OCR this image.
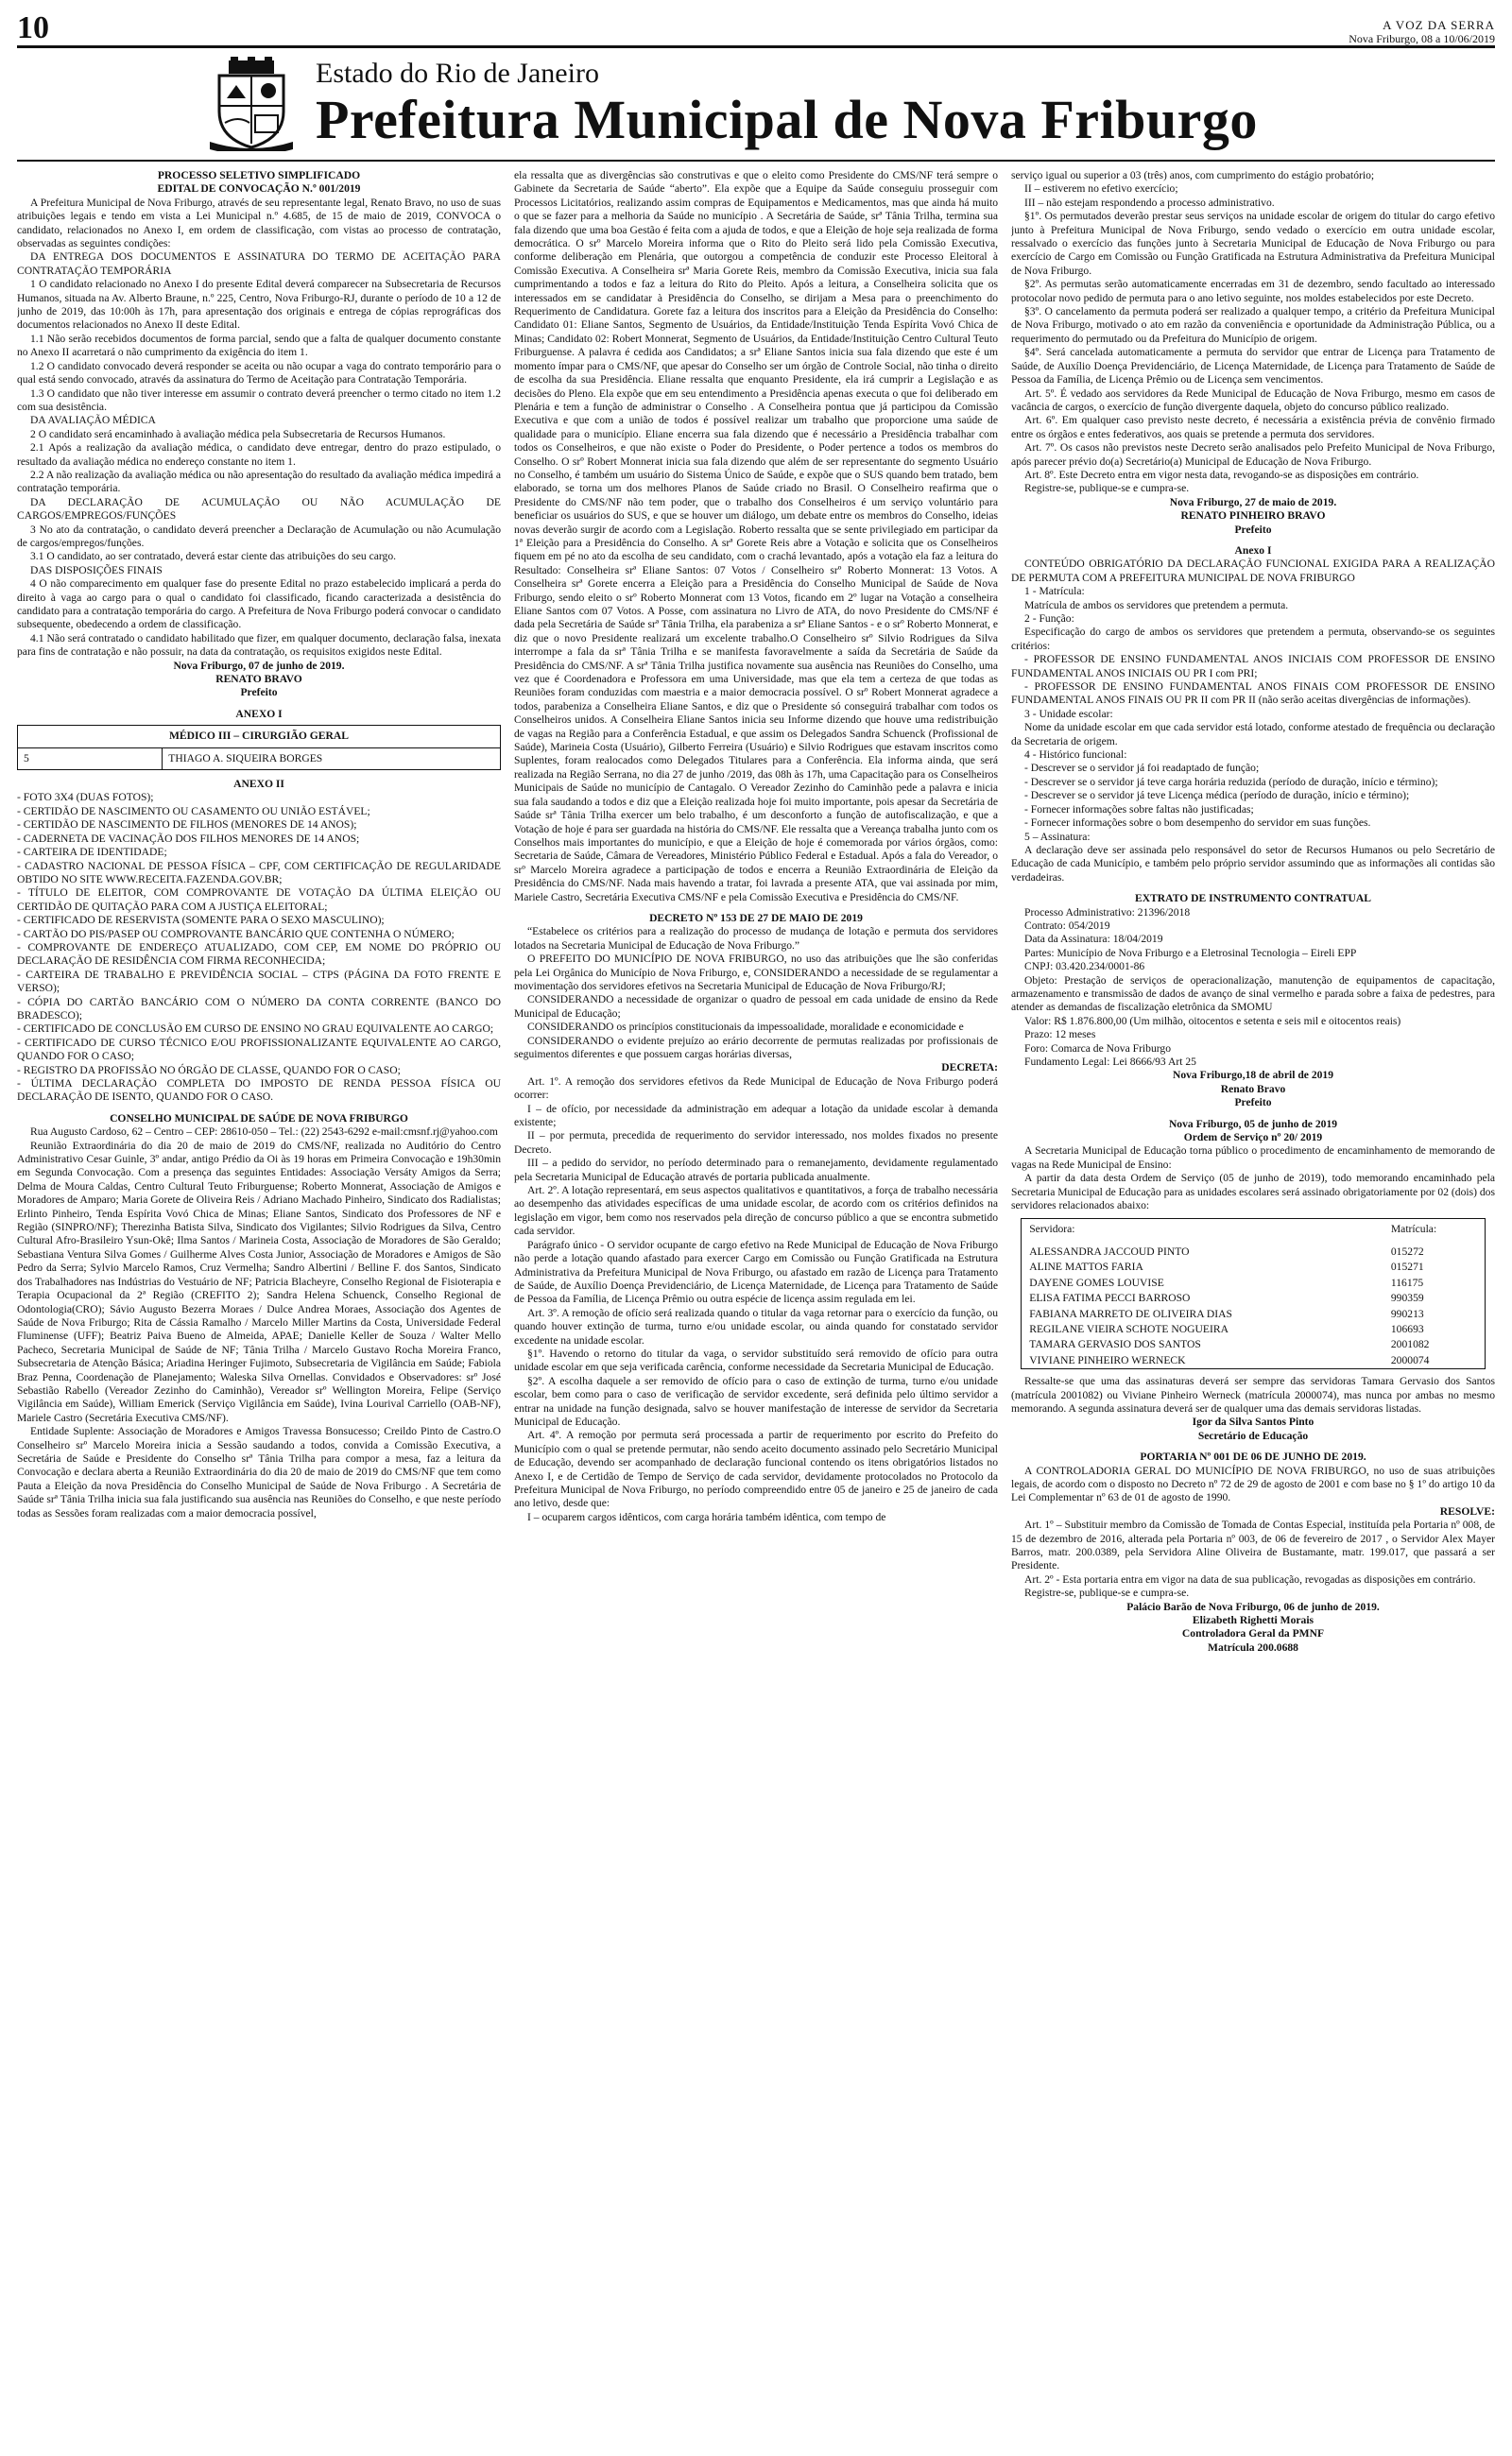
10	A VOZ DA SERRA
Nova Friburgo, 08 a 10/06/2019
Estado do Rio de Janeiro
Prefeitura Municipal de Nova Friburgo

PROCESSO SELETIVO SIMPLIFICADO

EDITAL DE CONVOCAÇÃO N.º 001/2019

A Prefeitura Municipal de Nova Friburgo, através de seu representante legal, Renato Bravo, no uso de suas atribuições legais e tendo em vista a Lei Municipal n.º 4.685, de 15 de maio de 2019, CONVOCA o candidato, relacionados no Anexo I, em ordem de classificação, com vistas ao processo de contratação, observadas as seguintes condições:

DA ENTREGA DOS DOCUMENTOS E ASSINATURA DO TERMO DE ACEITAÇÃO PARA CONTRATAÇÃO TEMPORÁRIA

1 O candidato relacionado no Anexo I do presente Edital deverá comparecer na Subsecretaria de Recursos Humanos, situada na Av. Alberto Braune, n.º 225, Centro, Nova Friburgo-RJ, durante o período de 10 a 12 de junho de 2019, das 10:00h às 17h, para apresentação dos originais e entrega de cópias reprográficas dos documentos relacionados no Anexo II deste Edital.

1.1 Não serão recebidos documentos de forma parcial, sendo que a falta de qualquer documento constante no Anexo II acarretará o não cumprimento da exigência do item 1.

1.2 O candidato convocado deverá responder se aceita ou não ocupar a vaga do contrato temporário para o qual está sendo convocado, através da assinatura do Termo de Aceitação para Contratação Temporária.

1.3 O candidato que não tiver interesse em assumir o contrato deverá preencher o termo citado no item 1.2 com sua desistência.

DA AVALIAÇÃO MÉDICA

2 O candidato será encaminhado à avaliação médica pela Subsecretaria de Recursos Humanos.

2.1 Após a realização da avaliação médica, o candidato deve entregar, dentro do prazo estipulado, o resultado da avaliação médica no endereço constante no item 1.

2.2 A não realização da avaliação médica ou não apresentação do resultado da avaliação médica impedirá a contratação temporária.

DA DECLARAÇÃO DE ACUMULAÇÃO OU NÃO ACUMULAÇÃO DE CARGOS/EMPREGOS/FUNÇÕES

3 No ato da contratação, o candidato deverá preencher a Declaração de Acumulação ou não Acumulação de cargos/empregos/funções.

3.1 O candidato, ao ser contratado, deverá estar ciente das atribuições do seu cargo.

DAS DISPOSIÇÕES FINAIS

4 O não comparecimento em qualquer fase do presente Edital no prazo estabelecido implicará a perda do direito à vaga ao cargo para o qual o candidato foi classificado, ficando caracterizada a desistência do candidato para a contratação temporária do cargo. A Prefeitura de Nova Friburgo poderá convocar o candidato subsequente, obedecendo a ordem de classificação.

4.1 Não será contratado o candidato habilitado que fizer, em qualquer documento, declaração falsa, inexata para fins de contratação e não possuir, na data da contratação, os requisitos exigidos neste Edital.

Nova Friburgo, 07 de junho de 2019.

RENATO BRAVO

Prefeito

ANEXO I

MÉDICO III – CIRURGIÃO GERAL
5	THIAGO A. SIQUEIRA BORGES

ANEXO II

- FOTO 3X4 (DUAS FOTOS);

- CERTIDÃO DE NASCIMENTO OU CASAMENTO OU UNIÃO ESTÁVEL;

- CERTIDÃO DE NASCIMENTO DE FILHOS (MENORES DE 14 ANOS);

- CADERNETA DE VACINAÇÃO DOS FILHOS MENORES DE 14 ANOS;

- CARTEIRA DE IDENTIDADE;

- CADASTRO NACIONAL DE PESSOA FÍSICA – CPF, COM CERTIFICAÇÃO DE REGULARIDADE OBTIDO NO SITE WWW.RECEITA.FAZENDA.GOV.BR;

- TÍTULO DE ELEITOR, COM COMPROVANTE DE VOTAÇÃO DA ÚLTIMA ELEIÇÃO OU CERTIDÃO DE QUITAÇÃO PARA COM A JUSTIÇA ELEITORAL;

- CERTIFICADO DE RESERVISTA (SOMENTE PARA O SEXO MASCULINO);

- CARTÃO DO PIS/PASEP OU COMPROVANTE BANCÁRIO QUE CONTENHA O NÚMERO;

- COMPROVANTE DE ENDEREÇO ATUALIZADO, COM CEP, EM NOME DO PRÓPRIO OU DECLARAÇÃO DE RESIDÊNCIA COM FIRMA RECONHECIDA;

- CARTEIRA DE TRABALHO E PREVIDÊNCIA SOCIAL – CTPS (PÁGINA DA FOTO FRENTE E VERSO);

- CÓPIA DO CARTÃO BANCÁRIO COM O NÚMERO DA CONTA CORRENTE (BANCO DO BRADESCO);

- CERTIFICADO DE CONCLUSÃO EM CURSO DE ENSINO NO GRAU EQUIVALENTE AO CARGO;

- CERTIFICADO DE CURSO TÉCNICO E/OU PROFISSIONALIZANTE EQUIVALENTE AO CARGO, QUANDO FOR O CASO;

- REGISTRO DA PROFISSÃO NO ÓRGÃO DE CLASSE, QUANDO FOR O CASO;

- ÚLTIMA DECLARAÇÃO COMPLETA DO IMPOSTO DE RENDA PESSOA FÍSICA OU DECLARAÇÃO DE ISENTO, QUANDO FOR O CASO.

CONSELHO MUNICIPAL DE SAÚDE DE NOVA FRIBURGO

Rua Augusto Cardoso, 62 – Centro – CEP: 28610-050 – Tel.: (22) 2543-6292 e-mail:cmsnf.rj@yahoo.com

Reunião Extraordinária do dia 20 de maio de 2019 do CMS/NF, realizada no Auditório do Centro Administrativo Cesar Guinle, 3º andar, antigo Prédio da Oi às 19 horas em Primeira Convocação e 19h30min em Segunda Convocação. Com a presença das seguintes Entidades: Associação Versáty Amigos da Serra; Delma de Moura Caldas, Centro Cultural Teuto Friburguense; Roberto Monnerat, Associação de Amigos e Moradores de Amparo; Maria Gorete de Oliveira Reis / Adriano Machado Pinheiro, Sindicato dos Radialistas; Erlinto Pinheiro, Tenda Espírita Vovó Chica de Minas; Eliane Santos, Sindicato dos Professores de NF e Região (SINPRO/NF); Therezinha Batista Silva, Sindicato dos Vigilantes; Silvio Rodrigues da Silva, Centro Cultural Afro-Brasileiro Ysun-Okê; Ilma Santos / Marineia Costa, Associação de Moradores de São Geraldo; Sebastiana Ventura Silva Gomes / Guilherme Alves Costa Junior, Associação de Moradores e Amigos de São Pedro da Serra; Sylvio Marcelo Ramos, Cruz Vermelha; Sandro Albertini / Belline F. dos Santos, Sindicato dos Trabalhadores nas Indústrias do Vestuário de NF; Patricia Blacheyre, Conselho Regional de Fisioterapia e Terapia Ocupacional da 2ª Região (CREFITO 2); Sandra Helena Schuenck, Conselho Regional de Odontologia(CRO); Sávio Augusto Bezerra Moraes / Dulce Andrea Moraes, Associação dos Agentes de Saúde de Nova Friburgo; Rita de Cássia Ramalho / Marcelo Miller Martins da Costa, Universidade Federal Fluminense (UFF); Beatriz Paiva Bueno de Almeida, APAE; Danielle Keller de Souza / Walter Mello Pacheco, Secretaria Municipal de Saúde de NF; Tânia Trilha / Marcelo Gustavo Rocha Moreira Franco, Subsecretaria de Atenção Básica; Ariadina Heringer Fujimoto, Subsecretaria de Vigilância em Saúde; Fabiola Braz Penna, Coordenação de Planejamento; Waleska Silva Ornellas. Convidados e Observadores: srº José Sebastião Rabello (Vereador Zezinho do Caminhão), Vereador srº Wellington Moreira, Felipe (Serviço Vigilância em Saúde), William Emerick (Serviço Vigilância em Saúde), Ivina Lourival Carriello (OAB-NF), Mariele Castro (Secretária Executiva CMS/NF).

Entidade Suplente: Associação de Moradores e Amigos Travessa Bonsucesso; Creildo Pinto de Castro.O Conselheiro srº Marcelo Moreira inicia a Sessão saudando a todos, convida a Comissão Executiva, a Secretária de Saúde e Presidente do Conselho srª Tânia Trilha para compor a mesa, faz a leitura da Convocação e declara aberta a Reunião Extraordinária do dia 20 de maio de 2019 do CMS/NF que tem como Pauta a Eleição da nova Presidência do Conselho Municipal de Saúde de Nova Friburgo . A Secretária de Saúde srª Tânia Trilha inicia sua fala justificando sua ausência nas Reuniões do Conselho, e que neste período todas as Sessões foram realizadas com a maior democracia possível,

ela ressalta que as divergências são construtivas e que o eleito como Presidente do CMS/NF terá sempre o Gabinete da Secretaria de Saúde “aberto”. Ela expõe que a Equipe da Saúde conseguiu prosseguir com Processos Licitatórios, realizando assim compras de Equipamentos e Medicamentos, mas que ainda há muito o que se fazer para a melhoria da Saúde no município . A Secretária de Saúde, srª Tânia Trilha, termina sua fala dizendo que uma boa Gestão é feita com a ajuda de todos, e que a Eleição de hoje seja realizada de forma democrática. O srº Marcelo Moreira informa que o Rito do Pleito será lido pela Comissão Executiva, conforme deliberação em Plenária, que outorgou a competência de conduzir este Processo Eleitoral à Comissão Executiva. A Conselheira srª Maria Gorete Reis, membro da Comissão Executiva, inicia sua fala cumprimentando a todos e faz a leitura do Rito do Pleito. Após a leitura, a Conselheira solicita que os interessados em se candidatar à Presidência do Conselho, se dirijam a Mesa para o preenchimento do Requerimento de Candidatura. Gorete faz a leitura dos inscritos para a Eleição da Presidência do Conselho: Candidato 01: Eliane Santos, Segmento de Usuários, da Entidade/Instituição Tenda Espírita Vovó Chica de Minas; Candidato 02: Robert Monnerat, Segmento de Usuários, da Entidade/Instituição Centro Cultural Teuto Friburguense. A palavra é cedida aos Candidatos; a srª Eliane Santos inicia sua fala dizendo que este é um momento ímpar para o CMS/NF, que apesar do Conselho ser um órgão de Controle Social, não tinha o direito de escolha da sua Presidência. Eliane ressalta que enquanto Presidente, ela irá cumprir a Legislação e as decisões do Pleno. Ela expõe que em seu entendimento a Presidência apenas executa o que foi deliberado em Plenária e tem a função de administrar o Conselho . A Conselheira pontua que já participou da Comissão Executiva e que com a união de todos é possível realizar um trabalho que proporcione uma saúde de qualidade para o município. Eliane encerra sua fala dizendo que é necessário a Presidência trabalhar com todos os Conselheiros, e que não existe o Poder do Presidente, o Poder pertence a todos os membros do Conselho. O srº Robert Monnerat inicia sua fala dizendo que além de ser representante do segmento Usuário no Conselho, é também um usuário do Sistema Único de Saúde, e expõe que o SUS quando bem tratado, bem elaborado, se torna um dos melhores Planos de Saúde criado no Brasil. O Conselheiro reafirma que o Presidente do CMS/NF não tem poder, que o trabalho dos Conselheiros é um serviço voluntário para beneficiar os usuários do SUS, e que se houver um diálogo, um debate entre os membros do Conselho, ideias novas deverão surgir de acordo com a Legislação. Roberto ressalta que se sente privilegiado em participar da 1ª Eleição para a Presidência do Conselho. A srª Gorete Reis abre a Votação e solicita que os Conselheiros fiquem em pé no ato da escolha de seu candidato, com o crachá levantado, após a votação ela faz a leitura do Resultado: Conselheira srª Eliane Santos: 07 Votos / Conselheiro srº Roberto Monnerat: 13 Votos. A Conselheira srª Gorete encerra a Eleição para a Presidência do Conselho Municipal de Saúde de Nova Friburgo, sendo eleito o srº Roberto Monnerat com 13 Votos, ficando em 2º lugar na Votação a conselheira Eliane Santos com 07 Votos. A Posse, com assinatura no Livro de ATA, do novo Presidente do CMS/NF é dada pela Secretária de Saúde srª Tânia Trilha, ela parabeniza a srª Eliane Santos - e o srº Roberto Monnerat, e diz que o novo Presidente realizará um excelente trabalho.O Conselheiro srº Silvio Rodrigues da Silva interrompe a fala da srª Tânia Trilha e se manifesta favoravelmente a saída da Secretária de Saúde da Presidência do CMS/NF. A srª Tânia Trilha justifica novamente sua ausência nas Reuniões do Conselho, uma vez que é Coordenadora e Professora em uma Universidade, mas que ela tem a certeza de que todas as Reuniões foram conduzidas com maestria e a maior democracia possível. O srº Robert Monnerat agradece a todos, parabeniza a Conselheira Eliane Santos, e diz que o Presidente só conseguirá trabalhar com todos os Conselheiros unidos. A Conselheira Eliane Santos inicia seu Informe dizendo que houve uma redistribuição de vagas na Região para a Conferência Estadual, e que assim os Delegados Sandra Schuenck (Profissional de Saúde), Marineia Costa (Usuário), Gilberto Ferreira (Usuário) e Silvio Rodrigues que estavam inscritos como Suplentes, foram realocados como Delegados Titulares para a Conferência. Ela informa ainda, que será realizada na Região Serrana, no dia 27 de junho /2019, das 08h às 17h, uma Capacitação para os Conselheiros Municipais de Saúde no município de Cantagalo. O Vereador Zezinho do Caminhão pede a palavra e inicia sua fala saudando a todos e diz que a Eleição realizada hoje foi muito importante, pois apesar da Secretária de Saúde srª Tânia Trilha exercer um belo trabalho, é um desconforto a função de autofiscalização, e que a Votação de hoje é para ser guardada na história do CMS/NF. Ele ressalta que a Vereança trabalha junto com os Conselhos mais importantes do município, e que a Eleição de hoje é comemorada por vários órgãos, como: Secretaria de Saúde, Câmara de Vereadores, Ministério Público Federal e Estadual. Após a fala do Vereador, o srº Marcelo Moreira agradece a participação de todos e encerra a Reunião Extraordinária de Eleição da Presidência do CMS/NF. Nada mais havendo a tratar, foi lavrada a presente ATA, que vai assinada por mim, Mariele Castro, Secretária Executiva CMS/NF e pela Comissão Executiva e Presidência do CMS/NF.

DECRETO Nº 153 DE 27 DE MAIO DE 2019

“Estabelece os critérios para a realização do processo de mudança de lotação e permuta dos servidores lotados na Secretaria Municipal de Educação de Nova Friburgo.”

O PREFEITO DO MUNICÍPIO DE NOVA FRIBURGO, no uso das atribuições que lhe são conferidas pela Lei Orgânica do Município de Nova Friburgo, e, CONSIDERANDO a necessidade de se regulamentar a movimentação dos servidores efetivos na Secretaria Municipal de Educação de Nova Friburgo/RJ;

CONSIDERANDO a necessidade de organizar o quadro de pessoal em cada unidade de ensino da Rede Municipal de Educação;

CONSIDERANDO os princípios constitucionais da impessoalidade, moralidade e economicidade e

CONSIDERANDO o evidente prejuízo ao erário decorrente de permutas realizadas por profissionais de seguimentos diferentes e que possuem cargas horárias diversas,

DECRETA:

Art. 1º. A remoção dos servidores efetivos da Rede Municipal de Educação de Nova Friburgo poderá ocorrer:

I – de ofício, por necessidade da administração em adequar a lotação da unidade escolar à demanda existente;

II – por permuta, precedida de requerimento do servidor interessado, nos moldes fixados no presente Decreto.

III – a pedido do servidor, no período determinado para o remanejamento, devidamente regulamentado pela Secretaria Municipal de Educação através de portaria publicada anualmente.

Art. 2º. A lotação representará, em seus aspectos qualitativos e quantitativos, a força de trabalho necessária ao desempenho das atividades específicas de uma unidade escolar, de acordo com os critérios definidos na legislação em vigor, bem como nos reservados pela direção de concurso público a que se encontra submetido cada servidor.

Parágrafo único - O servidor ocupante de cargo efetivo na Rede Municipal de Educação de Nova Friburgo não perde a lotação quando afastado para exercer Cargo em Comissão ou Função Gratificada na Estrutura Administrativa da Prefeitura Municipal de Nova Friburgo, ou afastado em razão de Licença para Tratamento de Saúde, de Auxílio Doença Previdenciário, de Licença Maternidade, de Licença para Tratamento de Saúde de Pessoa da Família, de Licença Prêmio ou outra espécie de licença assim regulada em lei.

Art. 3º. A remoção de ofício será realizada quando o titular da vaga retornar para o exercício da função, ou quando houver extinção de turma, turno e/ou unidade escolar, ou ainda quando for constatado servidor excedente na unidade escolar.

§1º. Havendo o retorno do titular da vaga, o servidor substituído será removido de ofício para outra unidade escolar em que seja verificada carência, conforme necessidade da Secretaria Municipal de Educação.

§2º. A escolha daquele a ser removido de ofício para o caso de extinção de turma, turno e/ou unidade escolar, bem como para o caso de verificação de servidor excedente, será definida pelo último servidor a entrar na unidade na função designada, salvo se houver manifestação de interesse de servidor da Secretaria Municipal de Educação.

Art. 4º. A remoção por permuta será processada a partir de requerimento por escrito do Prefeito do Município com o qual se pretende permutar, não sendo aceito documento assinado pelo Secretário Municipal de Educação, devendo ser acompanhado de declaração funcional contendo os itens obrigatórios listados no Anexo I, e de Certidão de Tempo de Serviço de cada servidor, devidamente protocolados no Protocolo da Prefeitura Municipal de Nova Friburgo, no período compreendido entre 05 de janeiro e 25 de janeiro de cada ano letivo, desde que:

I – ocuparem cargos idênticos, com carga horária também idêntica, com tempo de

serviço igual ou superior a 03 (três) anos, com cumprimento do estágio probatório;

II – estiverem no efetivo exercício;

III – não estejam respondendo a processo administrativo.

§1º. Os permutados deverão prestar seus serviços na unidade escolar de origem do titular do cargo efetivo junto à Prefeitura Municipal de Nova Friburgo, sendo vedado o exercício em outra unidade escolar, ressalvado o exercício das funções junto à Secretaria Municipal de Educação de Nova Friburgo ou para exercício de Cargo em Comissão ou Função Gratificada na Estrutura Administrativa da Prefeitura Municipal de Nova Friburgo.

§2º. As permutas serão automaticamente encerradas em 31 de dezembro, sendo facultado ao interessado protocolar novo pedido de permuta para o ano letivo seguinte, nos moldes estabelecidos por este Decreto.

§3º. O cancelamento da permuta poderá ser realizado a qualquer tempo, a critério da Prefeitura Municipal de Nova Friburgo, motivado o ato em razão da conveniência e oportunidade da Administração Pública, ou a requerimento do permutado ou da Prefeitura do Município de origem.

§4º. Será cancelada automaticamente a permuta do servidor que entrar de Licença para Tratamento de Saúde, de Auxílio Doença Previdenciário, de Licença Maternidade, de Licença para Tratamento de Saúde de Pessoa da Família, de Licença Prêmio ou de Licença sem vencimentos.

Art. 5º. É vedado aos servidores da Rede Municipal de Educação de Nova Friburgo, mesmo em casos de vacância de cargos, o exercício de função divergente daquela, objeto do concurso público realizado.

Art. 6º. Em qualquer caso previsto neste decreto, é necessária a existência prévia de convênio firmado entre os órgãos e entes federativos, aos quais se pretende a permuta dos servidores.

Art. 7º. Os casos não previstos neste Decreto serão analisados pelo Prefeito Municipal de Nova Friburgo, após parecer prévio do(a) Secretário(a) Municipal de Educação de Nova Friburgo.

Art. 8º. Este Decreto entra em vigor nesta data, revogando-se as disposições em contrário.

Registre-se, publique-se e cumpra-se.

Nova Friburgo, 27 de maio de 2019.

RENATO PINHEIRO BRAVO

Prefeito

Anexo I

CONTEÚDO OBRIGATÓRIO DA DECLARAÇÃO FUNCIONAL EXIGIDA PARA A REALIZAÇÃO DE PERMUTA COM A PREFEITURA MUNICIPAL DE NOVA FRIBURGO

1 - Matrícula:

Matrícula de ambos os servidores que pretendem a permuta.

2 - Função:

Especificação do cargo de ambos os servidores que pretendem a permuta, observando-se os seguintes critérios:

- PROFESSOR DE ENSINO FUNDAMENTAL ANOS INICIAIS COM PROFESSOR DE ENSINO FUNDAMENTAL ANOS INICIAIS OU PR I com PRI;

- PROFESSOR DE ENSINO FUNDAMENTAL ANOS FINAIS COM PROFESSOR DE ENSINO FUNDAMENTAL ANOS FINAIS OU PR II com PR II (não serão aceitas divergências de informações).

3 - Unidade escolar:

Nome da unidade escolar em que cada servidor está lotado, conforme atestado de frequência ou declaração da Secretaria de origem.

4 - Histórico funcional:

- Descrever se o servidor já foi readaptado de função;

- Descrever se o servidor já teve carga horária reduzida (período de duração, início e término);

- Descrever se o servidor já teve Licença médica (período de duração, início e término);

- Fornecer informações sobre faltas não justificadas;

- Fornecer informações sobre o bom desempenho do servidor em suas funções.

5 – Assinatura:

A declaração deve ser assinada pelo responsável do setor de Recursos Humanos ou pelo Secretário de Educação de cada Município, e também pelo próprio servidor assumindo que as informações ali contidas são verdadeiras.

EXTRATO DE INSTRUMENTO CONTRATUAL

Processo Administrativo: 21396/2018

Contrato: 054/2019

Data da Assinatura: 18/04/2019

Partes: Município de Nova Friburgo e a Eletrosinal Tecnologia – Eireli EPP

CNPJ: 03.420.234/0001-86

Objeto: Prestação de serviços de operacionalização, manutenção de equipamentos de capacitação, armazenamento e transmissão de dados de avanço de sinal vermelho e parada sobre a faixa de pedestres, para atender as demandas de fiscalização eletrônica da SMOMU

Valor: R$ 1.876.800,00 (Um milhão, oitocentos e setenta e seis mil e oitocentos reais)

Prazo: 12 meses

Foro: Comarca de Nova Friburgo

Fundamento Legal: Lei 8666/93 Art 25

Nova Friburgo,18 de abril de 2019

Renato Bravo

Prefeito

Nova Friburgo, 05 de junho de 2019

Ordem de Serviço nº 20/ 2019

A Secretaria Municipal de Educação torna público o procedimento de encaminhamento de memorando de vagas na Rede Municipal de Ensino:

A partir da data desta Ordem de Serviço (05 de junho de 2019), todo memorando encaminhado pela Secretaria Municipal de Educação para as unidades escolares será assinado obrigatoriamente por 02 (dois) dos servidores relacionados abaixo:

Servidora:	Matrícula:
ALESSANDRA JACCOUD PINTO	015272
ALINE MATTOS FARIA	015271
DAYENE GOMES LOUVISE	116175
ELISA FATIMA PECCI BARROSO	990359
FABIANA MARRETO DE OLIVEIRA DIAS	990213
REGILANE VIEIRA SCHOTE NOGUEIRA	106693
TAMARA GERVASIO DOS SANTOS	2001082
VIVIANE PINHEIRO WERNECK	2000074

Ressalte-se que uma das assinaturas deverá ser sempre das servidoras Tamara Gervasio dos Santos (matrícula 2001082) ou Viviane Pinheiro Werneck (matrícula 2000074), mas nunca por ambas no mesmo memorando. A segunda assinatura deverá ser de qualquer uma das demais servidoras listadas.

Igor da Silva Santos Pinto

Secretário de Educação

PORTARIA Nº 001 DE 06 DE JUNHO DE 2019.

A CONTROLADORIA GERAL DO MUNICÍPIO DE NOVA FRIBURGO, no uso de suas atribuições legais, de acordo com o disposto no Decreto nº 72 de 29 de agosto de 2001 e com base no § 1º do artigo 10 da Lei Complementar nº 63 de 01 de agosto de 1990.

RESOLVE:

Art. 1º – Substituir membro da Comissão de Tomada de Contas Especial, instituída pela Portaria nº 008, de 15 de dezembro de 2016, alterada pela Portaria nº 003, de 06 de fevereiro de 2017 , o Servidor Alex Mayer Barros, matr. 200.0389, pela Servidora Aline Oliveira de Bustamante, matr. 199.017, que passará a ser Presidente.

Art. 2º - Esta portaria entra em vigor na data de sua publicação, revogadas as disposições em contrário.

Registre-se, publique-se e cumpra-se.

Palácio Barão de Nova Friburgo, 06 de junho de 2019.

Elizabeth Righetti Morais

Controladora Geral da PMNF

Matrícula 200.0688
